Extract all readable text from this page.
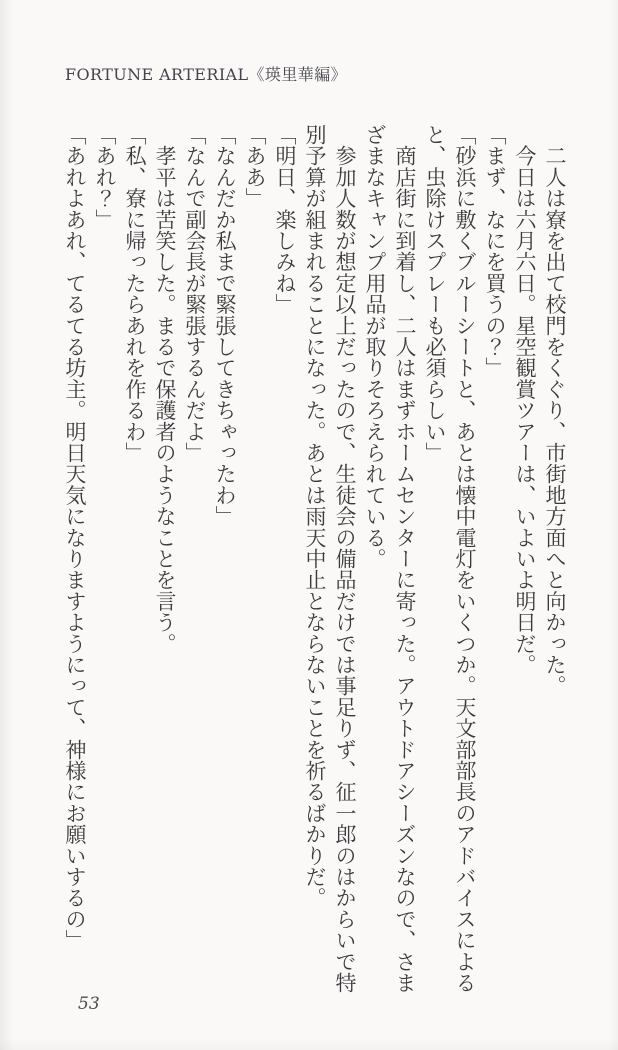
FORTUNE ARTERIAL《瑛里華編》

　二人は寮を出て校門をくぐり、市街地方面へと向かった。

　今日は六月六日。星空観賞ツアーは、いよいよ明日だ。

「まず、なにを買うの？」

「砂浜に敷くブルーシートと、あとは懐中電灯をいくつか。天文部部長のアドバイスによると、虫除けスプレーも必須らしい」

　商店街に到着し、二人はまずホームセンターに寄った。アウトドアシーズンなので、さまざまなキャンプ用品が取りそろえられている。

　参加人数が想定以上だったので、生徒会の備品だけでは事足りず、征一郎のはからいで特別予算が組まれることになった。あとは雨天中止とならないことを祈るばかりだ。

「明日、楽しみね」

「ああ」

「なんだか私まで緊張してきちゃったわ」

「なんで副会長が緊張するんだよ」

　孝平は苦笑した。まるで保護者のようなことを言う。

「私、寮に帰ったらあれを作るわ」

「あれ？」

「あれよあれ、てるてる坊主。明日天気になりますようにって、神様にお願いするの」

53
